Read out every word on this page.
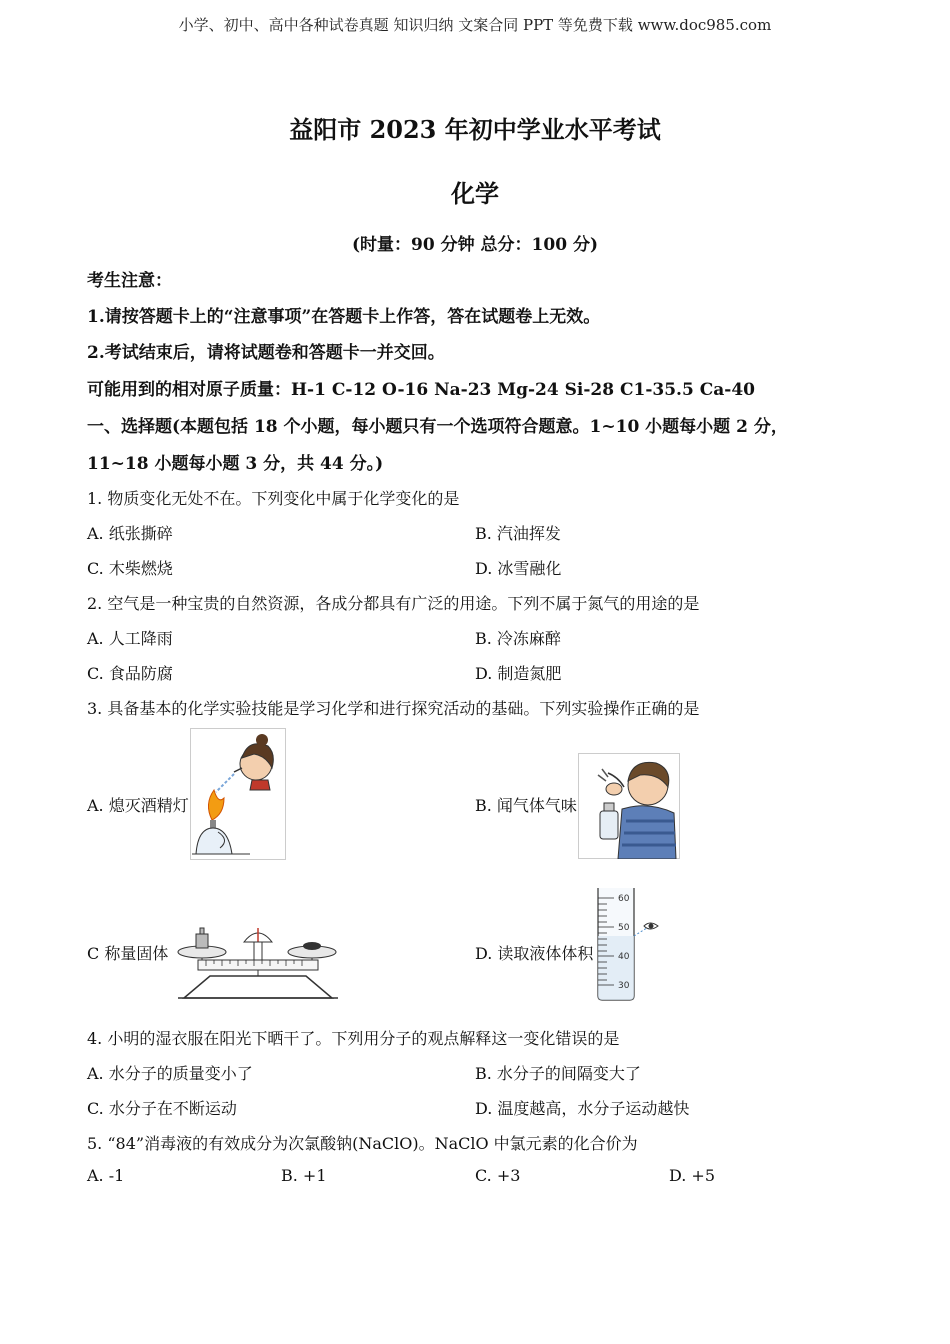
小学、初中、高中各种试卷真题 知识归纳 文案合同 PPT 等免费下载 www.doc985.com
益阳市 2023 年初中学业水平考试
化学
(时量：90 分钟 总分：100 分)
考生注意：
1.请按答题卡上的“注意事项”在答题卡上作答，答在试题卷上无效。
2.考试结束后，请将试题卷和答题卡一并交回。
可能用到的相对原子质量：H-1 C-12 O-16 Na-23 Mg-24 Si-28 C1-35.5 Ca-40
一、选择题(本题包括 18 个小题，每小题只有一个选项符合题意。1~10 小题每小题 2 分，
11~18 小题每小题 3 分，共 44 分。)
1. 物质变化无处不在。下列变化中属于化学变化的是
A. 纸张撕碎	B. 汽油挥发
C. 木柴燃烧	D. 冰雪融化
2. 空气是一种宝贵的自然资源，各成分都具有广泛的用途。下列不属于氮气的用途的是
A. 人工降雨	B. 冷冻麻醉
C. 食品防腐	D. 制造氮肥
3. 具备基本的化学实验技能是学习化学和进行探究活动的基础。下列实验操作正确的是
A. 熄灭酒精灯	B. 闻气体气味
C 称量固体	D. 读取液体体积
60
50
40
30
4. 小明的湿衣服在阳光下晒干了。下列用分子的观点解释这一变化错误的是
A. 水分子的质量变小了	B. 水分子的间隔变大了
C. 水分子在不断运动	D. 温度越高，水分子运动越快
5. “84”消毒液的有效成分为次氯酸钠(NaClO)。NaClO 中氯元素的化合价为
A. -1	B. +1	C. +3	D. +5
